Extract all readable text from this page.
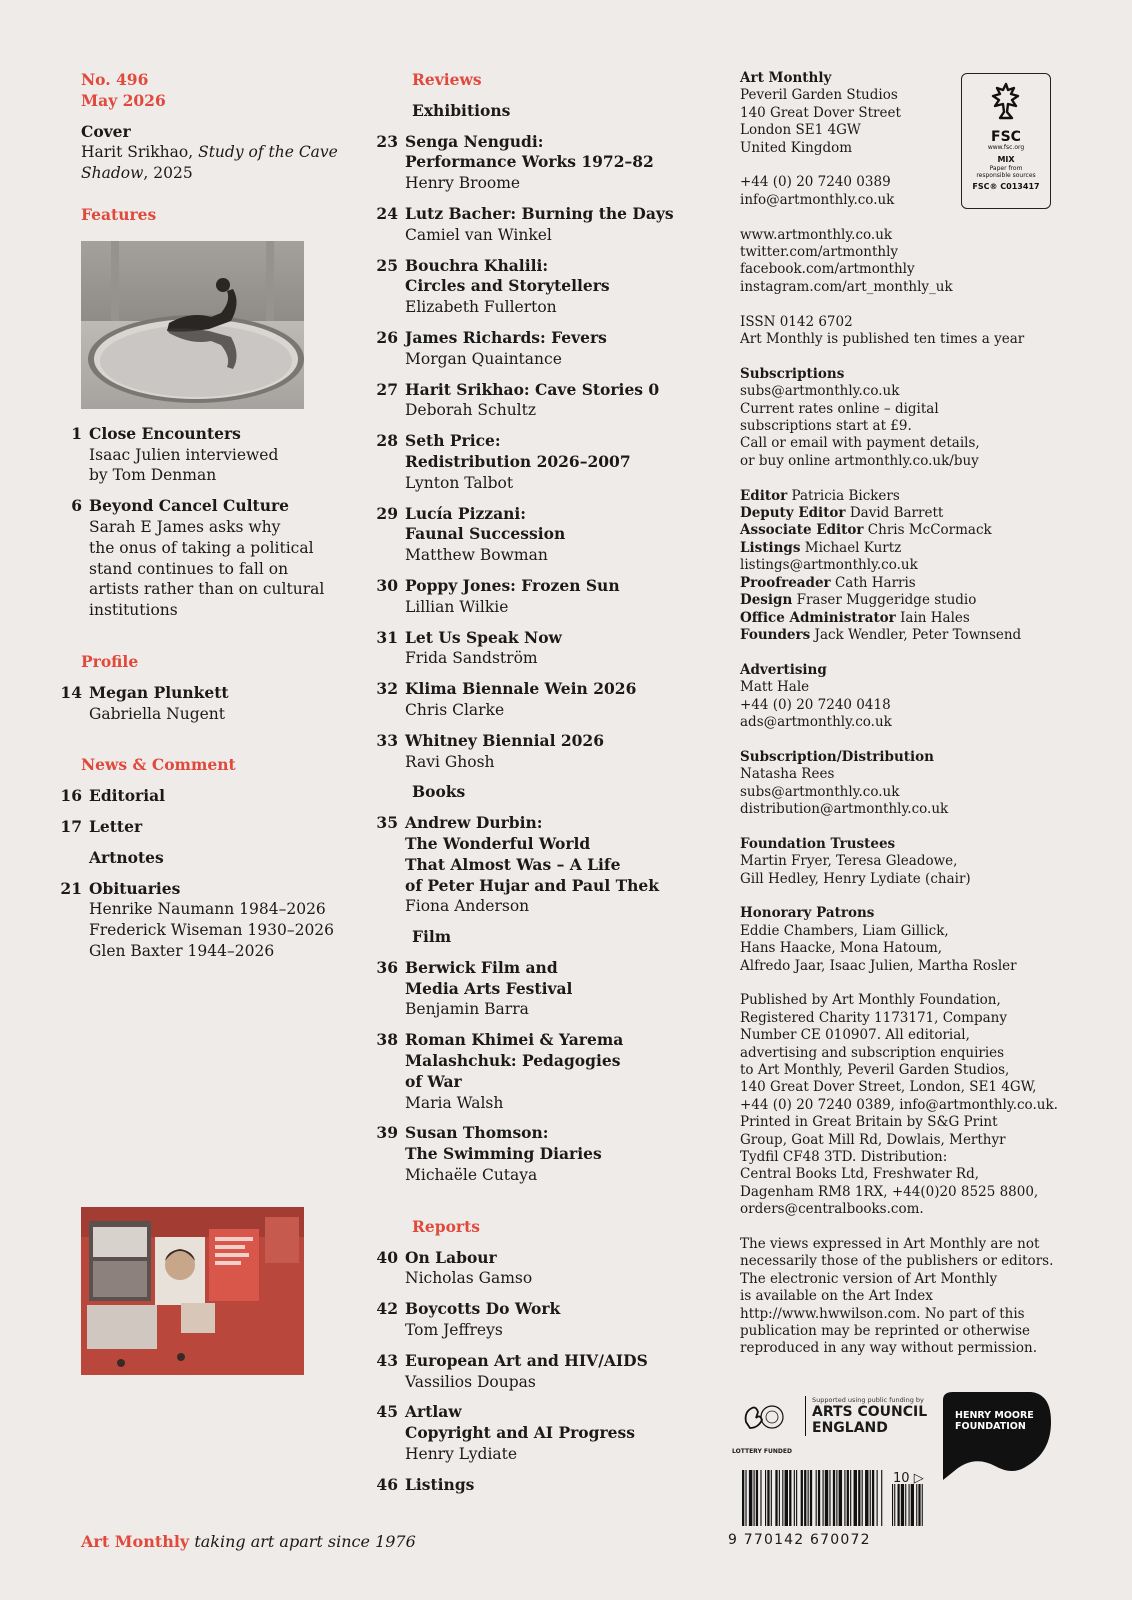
No. 496
May 2026
Cover
Harit Srikhao, Study of the Cave Shadow, 2025
Features
1 Close Encounters
Isaac Julien interviewed
by Tom Denman
6 Beyond Cancel Culture
Sarah E James asks why
the onus of taking a political
stand continues to fall on
artists rather than on cultural
institutions
Profile
14 Megan Plunkett
Gabriella Nugent
News & Comment
16 Editorial
17 Letter
Artnotes
21 Obituaries
Henrike Naumann 1984–2026
Frederick Wiseman 1930–2026
Glen Baxter 1944–2026
Reviews
Exhibitions
23 Senga Nengudi:
Performance Works 1972–82
Henry Broome
24 Lutz Bacher: Burning the Days
Camiel van Winkel
25 Bouchra Khalili:
Circles and Storytellers
Elizabeth Fullerton
26 James Richards: Fevers
Morgan Quaintance
27 Harit Srikhao: Cave Stories 0
Deborah Schultz
28 Seth Price:
Redistribution 2026–2007
Lynton Talbot
29 Lucía Pizzani:
Faunal Succession
Matthew Bowman
30 Poppy Jones: Frozen Sun
Lillian Wilkie
31 Let Us Speak Now
Frida Sandström
32 Klima Biennale Wein 2026
Chris Clarke
33 Whitney Biennial 2026
Ravi Ghosh
Books
35 Andrew Durbin:
The Wonderful World
That Almost Was – A Life
of Peter Hujar and Paul Thek
Fiona Anderson
Film
36 Berwick Film and
Media Arts Festival
Benjamin Barra
38 Roman Khimei & Yarema
Malashchuk: Pedagogies
of War
Maria Walsh
39 Susan Thomson:
The Swimming Diaries
Michaële Cutaya
Reports
40 On Labour
Nicholas Gamso
42 Boycotts Do Work
Tom Jeffreys
43 European Art and HIV/AIDS
Vassilios Doupas
45 Artlaw
Copyright and AI Progress
Henry Lydiate
46 Listings
Art Monthly taking art apart since 1976
Art Monthly
Peveril Garden Studios
140 Great Dover Street
London SE1 4GW
United Kingdom
+44 (0) 20 7240 0389
info@artmonthly.co.uk
www.artmonthly.co.uk
twitter.com/artmonthly
facebook.com/artmonthly
instagram.com/art_monthly_uk
ISSN 0142 6702
Art Monthly is published ten times a year
Subscriptions
subs@artmonthly.co.uk
Current rates online – digital
subscriptions start at £9.
Call or email with payment details,
or buy online artmonthly.co.uk/buy
Editor Patricia Bickers
Deputy Editor David Barrett
Associate Editor Chris McCormack
Listings Michael Kurtz
listings@artmonthly.co.uk
Proofreader Cath Harris
Design Fraser Muggeridge studio
Office Administrator Iain Hales
Founders Jack Wendler, Peter Townsend
Advertising
Matt Hale
+44 (0) 20 7240 0418
ads@artmonthly.co.uk
Subscription/Distribution
Natasha Rees
subs@artmonthly.co.uk
distribution@artmonthly.co.uk
Foundation Trustees
Martin Fryer, Teresa Gleadowe,
Gill Hedley, Henry Lydiate (chair)
Honorary Patrons
Eddie Chambers, Liam Gillick,
Hans Haacke, Mona Hatoum,
Alfredo Jaar, Isaac Julien, Martha Rosler
Published by Art Monthly Foundation,
Registered Charity 1173171, Company
Number CE 010907. All editorial,
advertising and subscription enquiries
to Art Monthly, Peveril Garden Studios,
140 Great Dover Street, London, SE1 4GW,
+44 (0) 20 7240 0389, info@artmonthly.co.uk.
Printed in Great Britain by S&G Print
Group, Goat Mill Rd, Dowlais, Merthyr
Tydfil CF48 3TD. Distribution:
Central Books Ltd, Freshwater Rd,
Dagenham RM8 1RX, +44(0)20 8525 8800,
orders@centralbooks.com.
The views expressed in Art Monthly are not
necessarily those of the publishers or editors.
The electronic version of Art Monthly
is available on the Art Index
http://www.hwwilson.com. No part of this
publication may be reprinted or otherwise
reproduced in any way without permission.
FSC
www.fsc.org
MIX
Paper from
responsible sources
FSC® C013417
LOTTERY FUNDED
Supported using public funding by
ARTS COUNCIL
ENGLAND
HENRY MOORE
FOUNDATION
9 770142 670072
10 ▷
